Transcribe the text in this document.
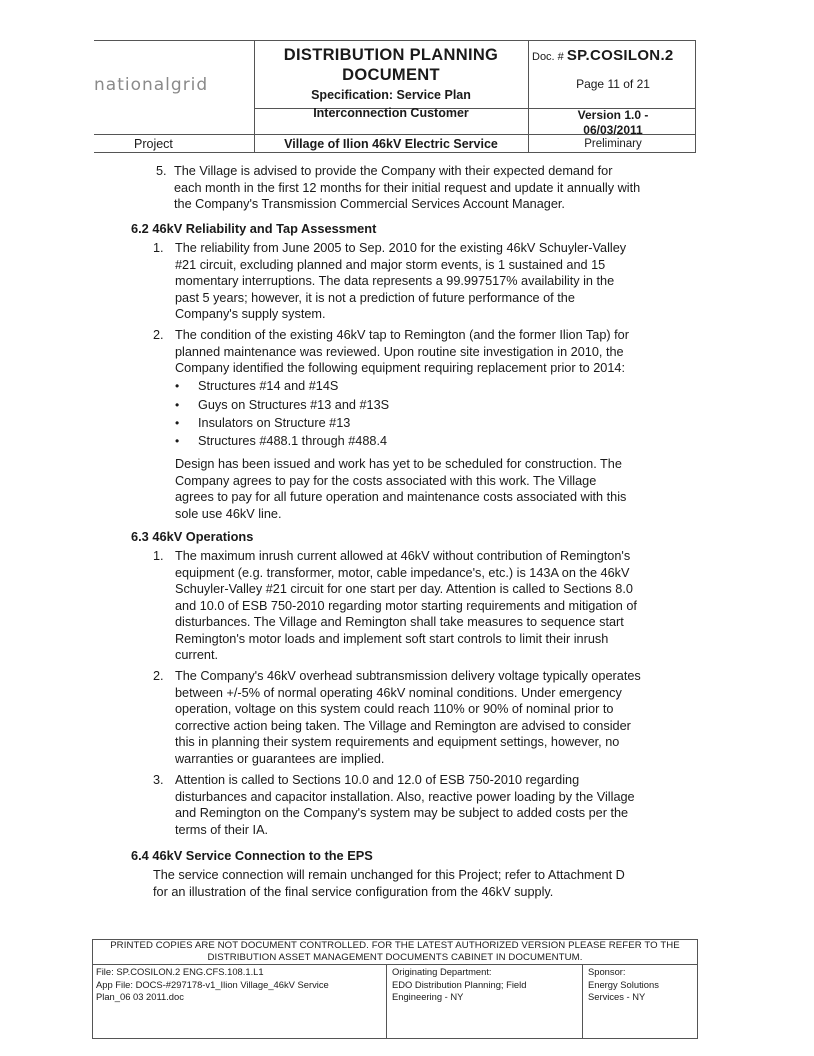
nationalgrid
DISTRIBUTION PLANNING
DOCUMENT
Specification: Service Plan
Interconnection Customer
Project	Village of Ilion 46kV Electric Service
Doc. # SP.COSILON.2
Page 11 of 21
Version 1.0 -
06/03/2011
Preliminary
5. The Village is advised to provide the Company with their expected demand for
each month in the first 12 months for their initial request and update it annually with
the Company's Transmission Commercial Services Account Manager.
6.2 46kV Reliability and Tap Assessment
1. The reliability from June 2005 to Sep. 2010 for the existing 46kV Schuyler-Valley
#21 circuit, excluding planned and major storm events, is 1 sustained and 15
momentary interruptions. The data represents a 99.997517% availability in the
past 5 years; however, it is not a prediction of future performance of the
Company's supply system.
2. The condition of the existing 46kV tap to Remington (and the former Ilion Tap) for
planned maintenance was reviewed. Upon routine site investigation in 2010, the
Company identified the following equipment requiring replacement prior to 2014:
• Structures #14 and #14S
• Guys on Structures #13 and #13S
• Insulators on Structure #13
• Structures #488.1 through #488.4
Design has been issued and work has yet to be scheduled for construction. The
Company agrees to pay for the costs associated with this work. The Village
agrees to pay for all future operation and maintenance costs associated with this
sole use 46kV line.
6.3 46kV Operations
1. The maximum inrush current allowed at 46kV without contribution of Remington's
equipment (e.g. transformer, motor, cable impedance's, etc.) is 143A on the 46kV
Schuyler-Valley #21 circuit for one start per day. Attention is called to Sections 8.0
and 10.0 of ESB 750-2010 regarding motor starting requirements and mitigation of
disturbances. The Village and Remington shall take measures to sequence start
Remington's motor loads and implement soft start controls to limit their inrush
current.
2. The Company's 46kV overhead subtransmission delivery voltage typically operates
between +/-5% of normal operating 46kV nominal conditions. Under emergency
operation, voltage on this system could reach 110% or 90% of nominal prior to
corrective action being taken. The Village and Remington are advised to consider
this in planning their system requirements and equipment settings, however, no
warranties or guarantees are implied.
3. Attention is called to Sections 10.0 and 12.0 of ESB 750-2010 regarding
disturbances and capacitor installation. Also, reactive power loading by the Village
and Remington on the Company's system may be subject to added costs per the
terms of their IA.
6.4 46kV Service Connection to the EPS
The service connection will remain unchanged for this Project; refer to Attachment D
for an illustration of the final service configuration from the 46kV supply.
PRINTED COPIES ARE NOT DOCUMENT CONTROLLED. FOR THE LATEST AUTHORIZED VERSION PLEASE REFER TO THE
DISTRIBUTION ASSET MANAGEMENT DOCUMENTS CABINET IN DOCUMENTUM.
File: SP.COSILON.2 ENG.CFS.108.1.L1
App File: DOCS-#297178-v1_Ilion Village_46kV Service
Plan_06 03 2011.doc
Originating Department:
EDO Distribution Planning; Field
Engineering - NY
Sponsor:
Energy Solutions
Services - NY
